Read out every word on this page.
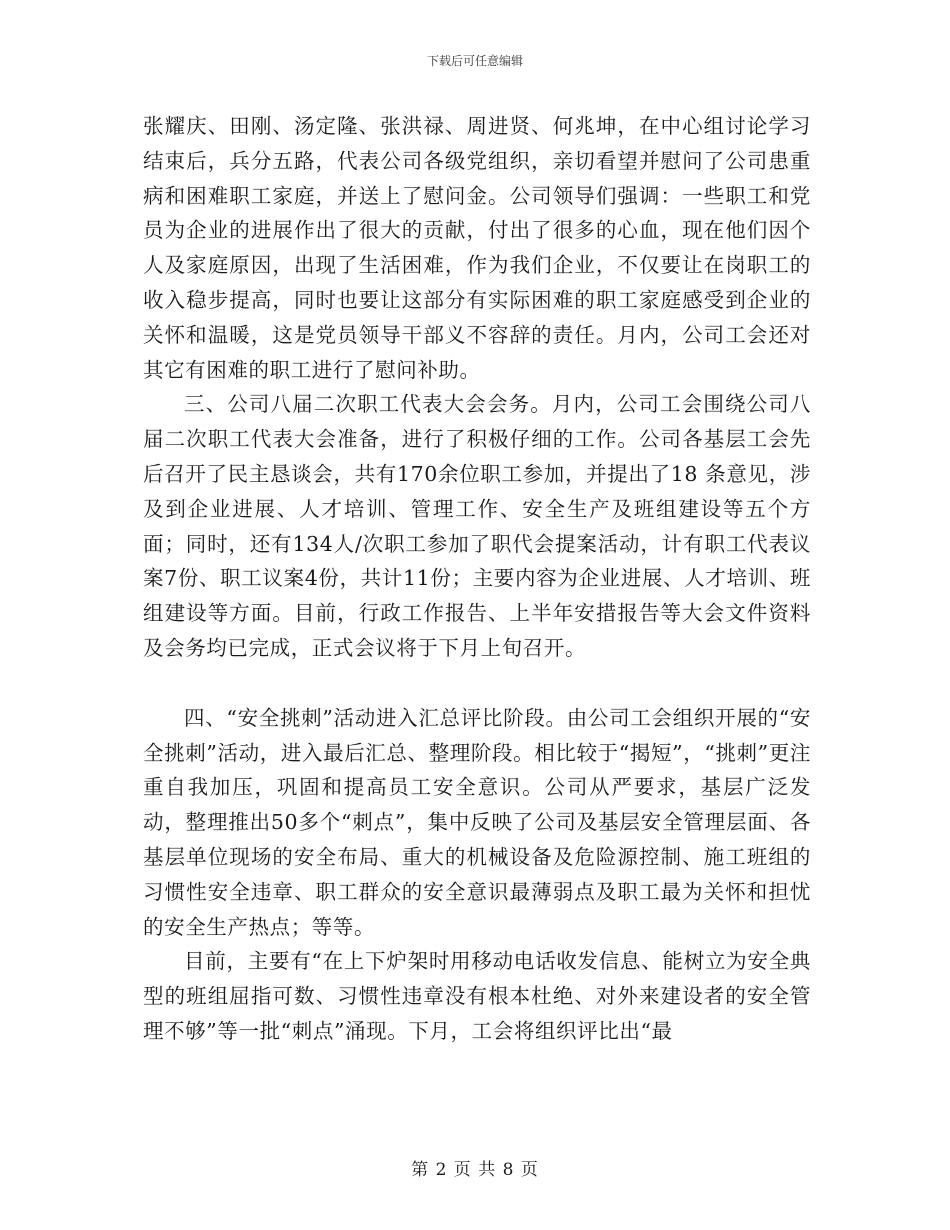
下载后可任意编辑

张耀庆、田刚、汤定隆、张洪禄、周进贤、何兆坤，在中心组讨论学习结束后，兵分五路，代表公司各级党组织，亲切看望并慰问了公司患重病和困难职工家庭，并送上了慰问金。公司领导们强调：一些职工和党员为企业的进展作出了很大的贡献，付出了很多的心血，现在他们因个人及家庭原因，出现了生活困难，作为我们企业，不仅要让在岗职工的收入稳步提高，同时也要让这部分有实际困难的职工家庭感受到企业的关怀和温暖，这是党员领导干部义不容辞的责任。月内，公司工会还对其它有困难的职工进行了慰问补助。

三、公司八届二次职工代表大会会务。月内，公司工会围绕公司八届二次职工代表大会准备，进行了积极仔细的工作。公司各基层工会先后召开了民主恳谈会，共有170余位职工参加，并提出了18 条意见，涉及到企业进展、人才培训、管理工作、安全生产及班组建设等五个方面；同时，还有134人/次职工参加了职代会提案活动，计有职工代表议案7份、职工议案4份，共计11份；主要内容为企业进展、人才培训、班组建设等方面。目前，行政工作报告、上半年安措报告等大会文件资料及会务均已完成，正式会议将于下月上旬召开。

四、“安全挑刺”活动进入汇总评比阶段。由公司工会组织开展的“安全挑刺”活动，进入最后汇总、整理阶段。相比较于“揭短”，“挑刺”更注重自我加压，巩固和提高员工安全意识。公司从严要求，基层广泛发动，整理推出50多个“刺点”，集中反映了公司及基层安全管理层面、各基层单位现场的安全布局、重大的机械设备及危险源控制、施工班组的习惯性安全违章、职工群众的安全意识最薄弱点及职工最为关怀和担忧的安全生产热点；等等。

目前，主要有“在上下炉架时用移动电话收发信息、能树立为安全典型的班组屈指可数、习惯性违章没有根本杜绝、对外来建设者的安全管理不够”等一批“刺点”涌现。下月，工会将组织评比出“最

第 2 页 共 8 页
